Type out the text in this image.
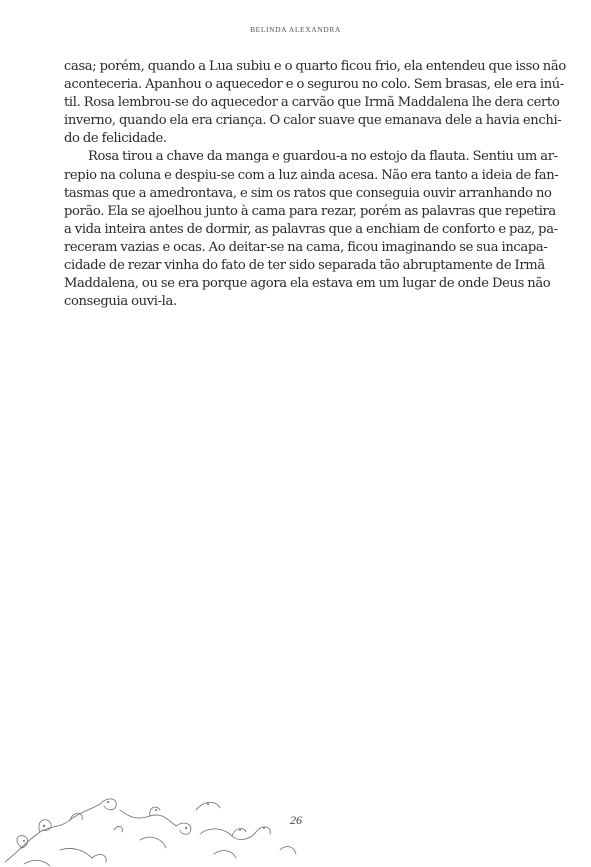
BELINDA ALEXANDRA
casa; porém, quando a Lua subiu e o quarto ficou frio, ela entendeu que isso não
aconteceria. Apanhou o aquecedor e o segurou no colo. Sem brasas, ele era inú-
til. Rosa lembrou-se do aquecedor a carvão que Irmã Maddalena lhe dera certo
inverno, quando ela era criança. O calor suave que emanava dele a havia enchi-
do de felicidade.
Rosa tirou a chave da manga e guardou-a no estojo da flauta. Sentiu um ar-
repio na coluna e despiu-se com a luz ainda acesa. Não era tanto a ideia de fan-
tasmas que a amedrontava, e sim os ratos que conseguia ouvir arranhando no
porão. Ela se ajoelhou junto à cama para rezar, porém as palavras que repetira
a vida inteira antes de dormir, as palavras que a enchiam de conforto e paz, pa-
receram vazias e ocas. Ao deitar-se na cama, ficou imaginando se sua incapa-
cidade de rezar vinha do fato de ter sido separada tão abruptamente de Irmã
Maddalena, ou se era porque agora ela estava em um lugar de onde Deus não
conseguia ouvi-la.
26
